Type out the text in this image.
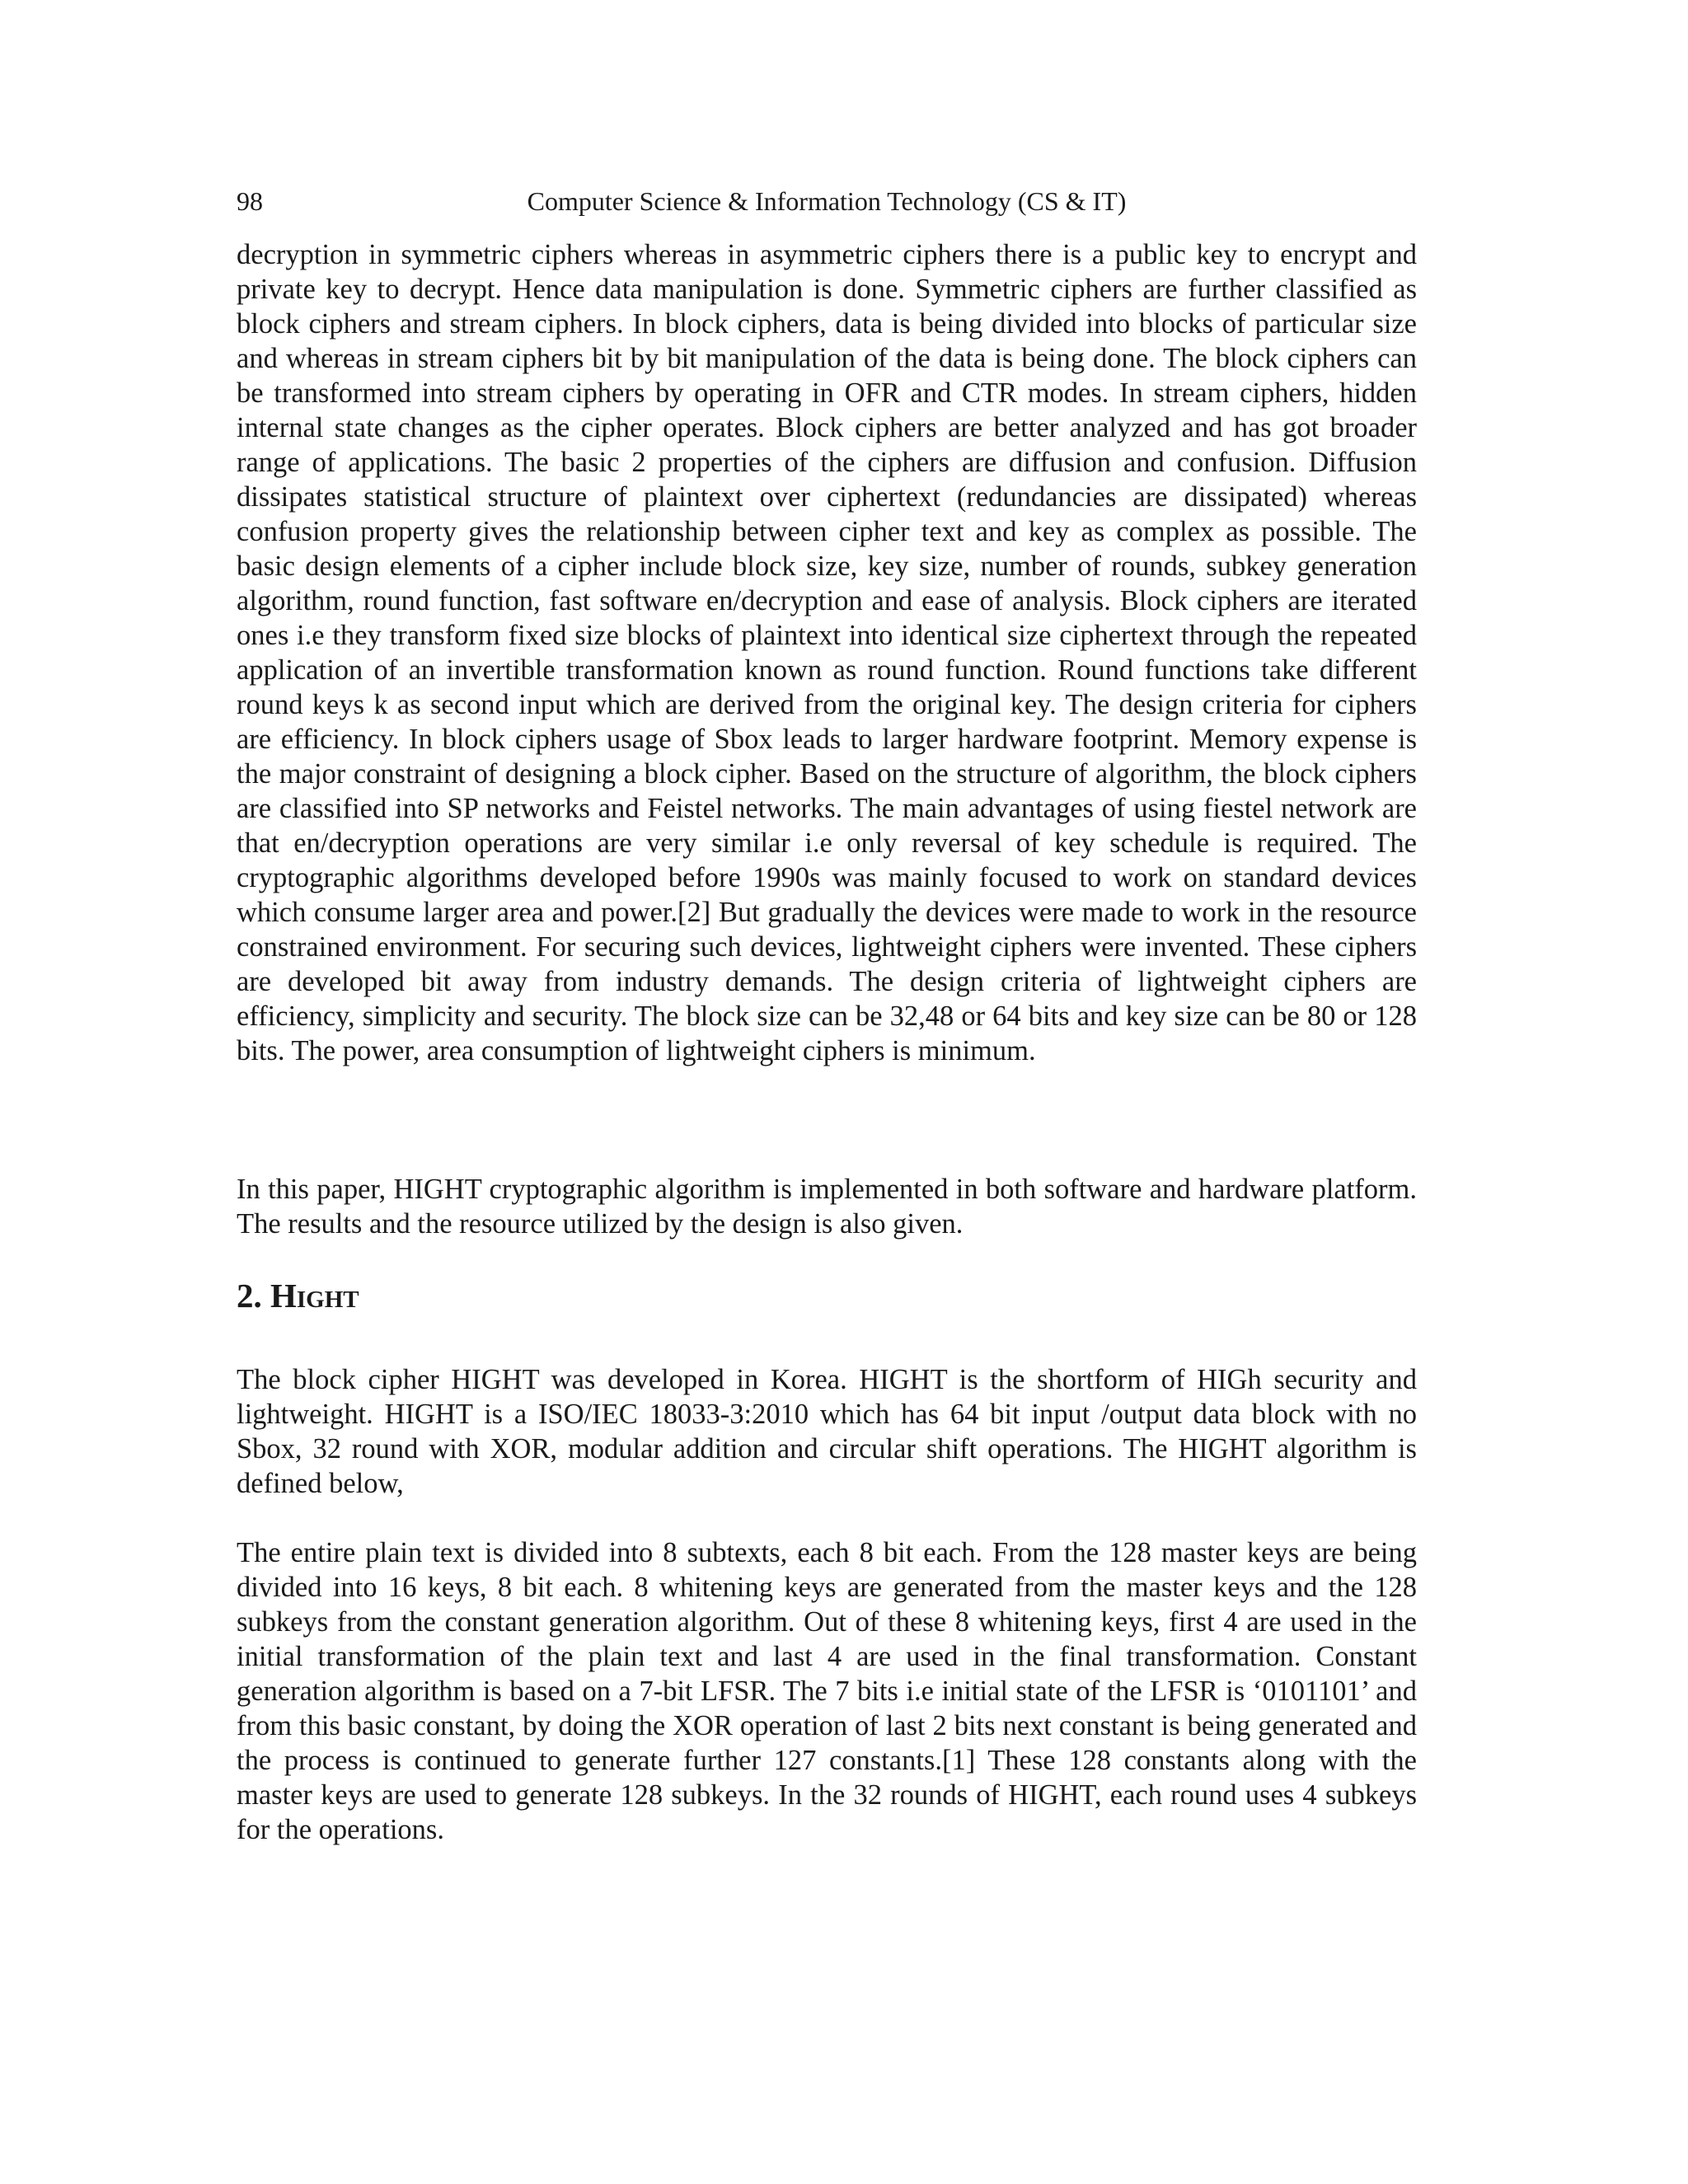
98	Computer Science & Information Technology (CS & IT)

decryption in symmetric ciphers whereas in asymmetric ciphers there is a public key to encrypt and private key to decrypt. Hence data manipulation is done. Symmetric ciphers are further classified as block ciphers and stream ciphers. In block ciphers, data is being divided into blocks of particular size and whereas in stream ciphers bit by bit manipulation of the data is being done. The block ciphers can be transformed into stream ciphers by operating in OFR and CTR modes. In stream ciphers, hidden internal state changes as the cipher operates. Block ciphers are better analyzed and has got broader range of applications. The basic 2 properties of the ciphers are diffusion and confusion. Diffusion dissipates statistical structure of plaintext over ciphertext (redundancies are dissipated) whereas confusion property gives the relationship between cipher text and key as complex as possible. The basic design elements of a cipher include block size, key size, number of rounds, subkey generation algorithm, round function, fast software en/decryption and ease of analysis. Block ciphers are iterated ones i.e they transform fixed size blocks of plaintext into identical size ciphertext through the repeated application of an invertible transformation known as round function. Round functions take different round keys k as second input which are derived from the original key. The design criteria for ciphers are efficiency. In block ciphers usage of Sbox leads to larger hardware footprint. Memory expense is the major constraint of designing a block cipher. Based on the structure of algorithm, the block ciphers are classified into SP networks and Feistel networks. The main advantages of using fiestel network are that en/decryption operations are very similar i.e only reversal of key schedule is required. The cryptographic algorithms developed before 1990s was mainly focused to work on standard devices which consume larger area and power.[2] But gradually the devices were made to work in the resource constrained environment. For securing such devices, lightweight ciphers were invented. These ciphers are developed bit away from industry demands. The design criteria of lightweight ciphers are efficiency, simplicity and security. The block size can be 32,48 or 64 bits and key size can be 80 or 128 bits. The power, area consumption of lightweight ciphers is minimum.

In this paper, HIGHT cryptographic algorithm is implemented in both software and hardware platform. The results and the resource utilized by the design is also given.

2. Hight

The block cipher HIGHT was developed in Korea. HIGHT is the shortform of HIGh security and lightweight. HIGHT is a ISO/IEC 18033-3:2010 which has 64 bit input /output data block with no Sbox, 32 round with XOR, modular addition and circular shift operations. The HIGHT algorithm is defined below,

The entire plain text is divided into 8 subtexts, each 8 bit each. From the 128 master keys are being divided into 16 keys, 8 bit each. 8 whitening keys are generated from the master keys and the 128 subkeys from the constant generation algorithm. Out of these 8 whitening keys, first 4 are used in the initial transformation of the plain text and last 4 are used in the final transformation. Constant generation algorithm is based on a 7-bit LFSR. The 7 bits i.e initial state of the LFSR is ‘0101101’ and from this basic constant, by doing the XOR operation of last 2 bits next constant is being generated and the process is continued to generate further 127 constants.[1] These 128 constants along with the master keys are used to generate 128 subkeys. In the 32 rounds of HIGHT, each round uses 4 subkeys for the operations.
